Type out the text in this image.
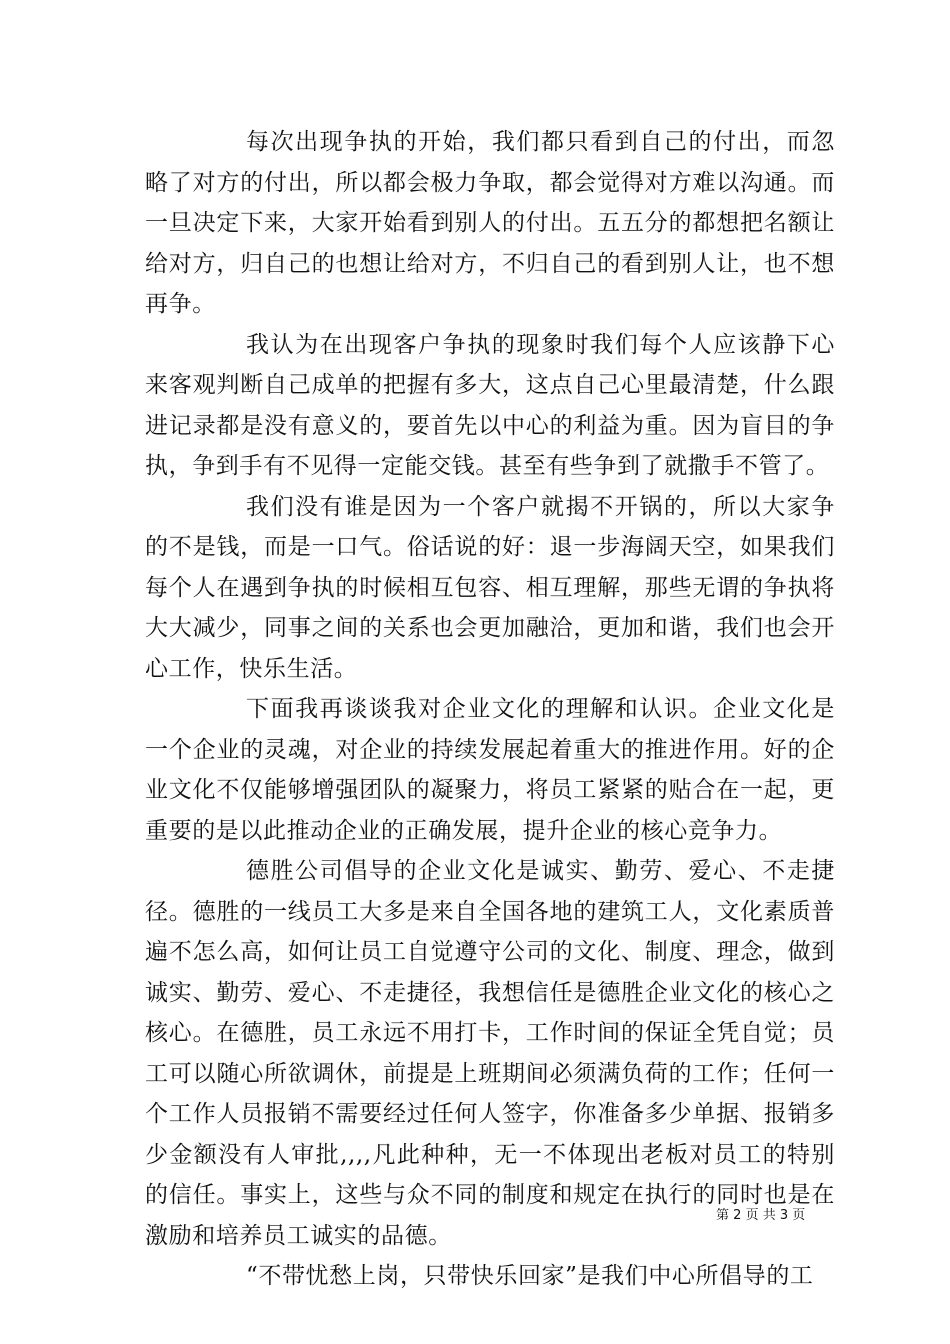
每次出现争执的开始，我们都只看到自己的付出，而忽略了对方的付出，所以都会极力争取，都会觉得对方难以沟通。而一旦决定下来，大家开始看到别人的付出。五五分的都想把名额让给对方，归自己的也想让给对方，不归自己的看到别人让，也不想再争。

我认为在出现客户争执的现象时我们每个人应该静下心来客观判断自己成单的把握有多大，这点自己心里最清楚，什么跟进记录都是没有意义的，要首先以中心的利益为重。因为盲目的争执，争到手有不见得一定能交钱。甚至有些争到了就撒手不管了。

我们没有谁是因为一个客户就揭不开锅的，所以大家争的不是钱，而是一口气。俗话说的好：退一步海阔天空，如果我们每个人在遇到争执的时候相互包容、相互理解，那些无谓的争执将大大减少，同事之间的关系也会更加融洽，更加和谐，我们也会开心工作，快乐生活。

下面我再谈谈我对企业文化的理解和认识。企业文化是一个企业的灵魂，对企业的持续发展起着重大的推进作用。好的企业文化不仅能够增强团队的凝聚力，将员工紧紧的贴合在一起，更重要的是以此推动企业的正确发展，提升企业的核心竞争力。

德胜公司倡导的企业文化是诚实、勤劳、爱心、不走捷径。德胜的一线员工大多是来自全国各地的建筑工人，文化素质普遍不怎么高，如何让员工自觉遵守公司的文化、制度、理念，做到诚实、勤劳、爱心、不走捷径，我想信任是德胜企业文化的核心之核心。在德胜，员工永远不用打卡，工作时间的保证全凭自觉；员工可以随心所欲调休，前提是上班期间必须满负荷的工作；任何一个工作人员报销不需要经过任何人签字，你准备多少单据、报销多少金额没有人审批,,,,凡此种种，无一不体现出老板对员工的特别的信任。事实上，这些与众不同的制度和规定在执行的同时也是在激励和培养员工诚实的品德。

“不带忧愁上岗，只带快乐回家”是我们中心所倡导的工

第 2 页 共 3 页
